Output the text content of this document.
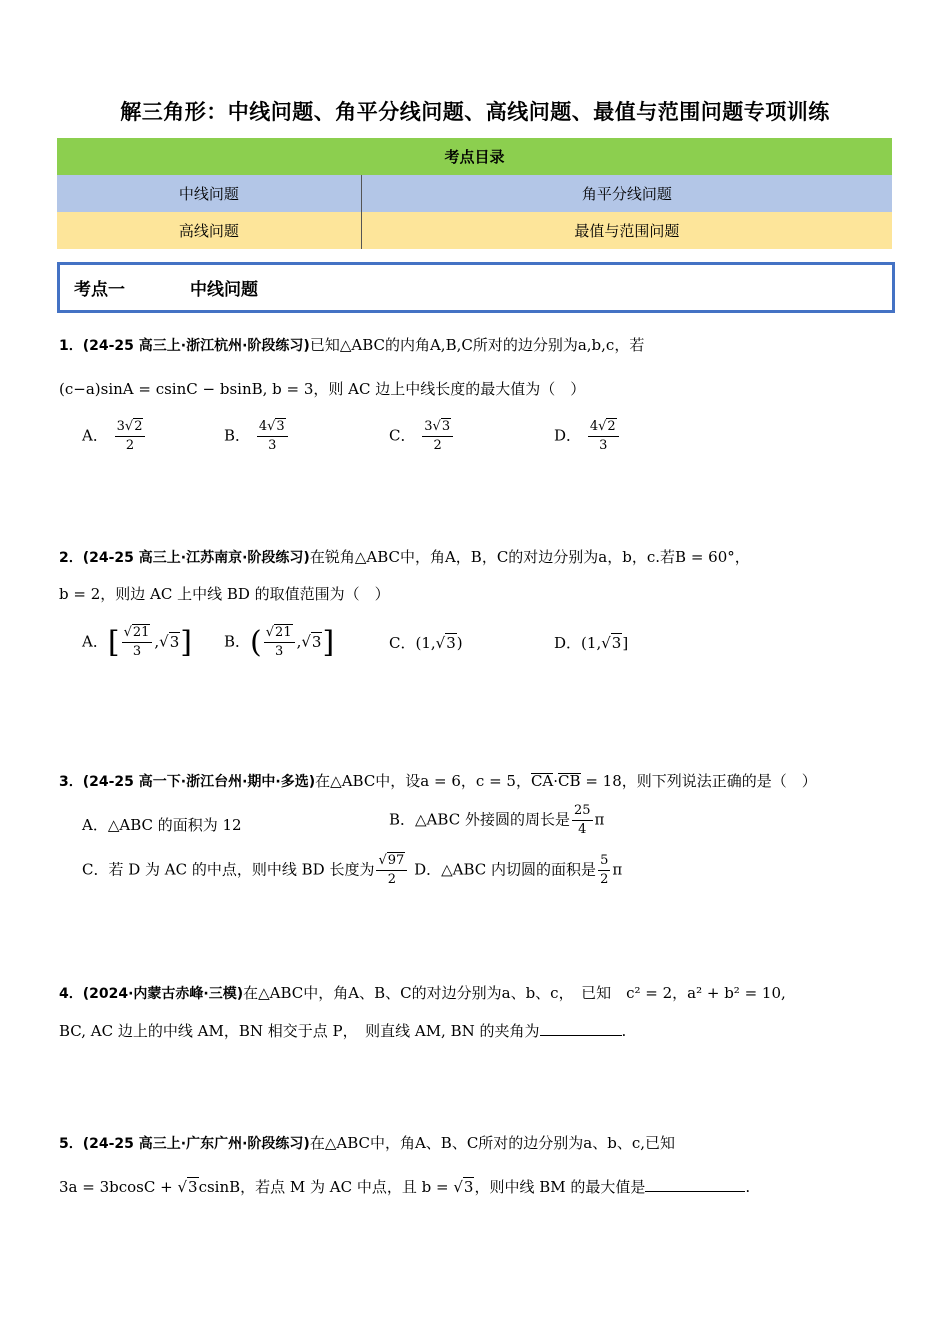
解三角形：中线问题、角平分线问题、高线问题、最值与范围问题专项训练
考点目录	
中线问题	角平分线问题
高线问题	最值与范围问题
考点一	中线问题
1．(24-25 高三上·浙江杭州·阶段练习)已知△ABC的内角A,B,C所对的边分别为a,b,c，若
(c−a)sinA = csinC − bsinB, b = 3，则 AC 边上中线长度的最大值为（　）
A． $\frac{3√2}{2}$	B． $\frac{4√3}{3}$	C． $\frac{3√3}{2}$	D． $\frac{4√2}{3}$
2．(24-25 高三上·江苏南京·阶段练习)在锐角△ABC中，角A，B，C的对边分别为a，b，c.若B = 60°，
b = 2，则边 AC 上中线 BD 的取值范围为（　）
A．[ $\frac{√21}{3} ,√3$] B．( $\frac{√21}{3} ,√3$]	C．(1,√3)	D．(1,√3]
3．(24-25 高一下·浙江台州·期中·多选)在△ABC中，设a = 6，c = 5，CA·CB = 18，则下列说法正确的是（　）
A．△ABC 的面积为 12	B．△ABC 外接圆的周长是 $\frac{25}{4}$ π
C．若 D 为 AC 的中点，则中线 BD 长度为 $\frac{√97}{2}$ D．△ABC 内切圆的面积是 $\frac{5}{2}$ π
4．(2024·内蒙古赤峰·三模)在△ABC中，角A、B、C的对边分别为a、b、c，　已知　c² = 2，a² + b² = 10,
BC, AC 边上的中线 AM，BN 相交于点 P，　则直线 AM, BN 的夹角为	.
5．(24-25 高三上·广东广州·阶段练习)在△ABC中，角A、B、C所对的边分别为a、b、c,已知
3a = 3bcosC + √3csinB，若点 M 为 AC 中点，且 b = √3，则中线 BM 的最大值是	.
